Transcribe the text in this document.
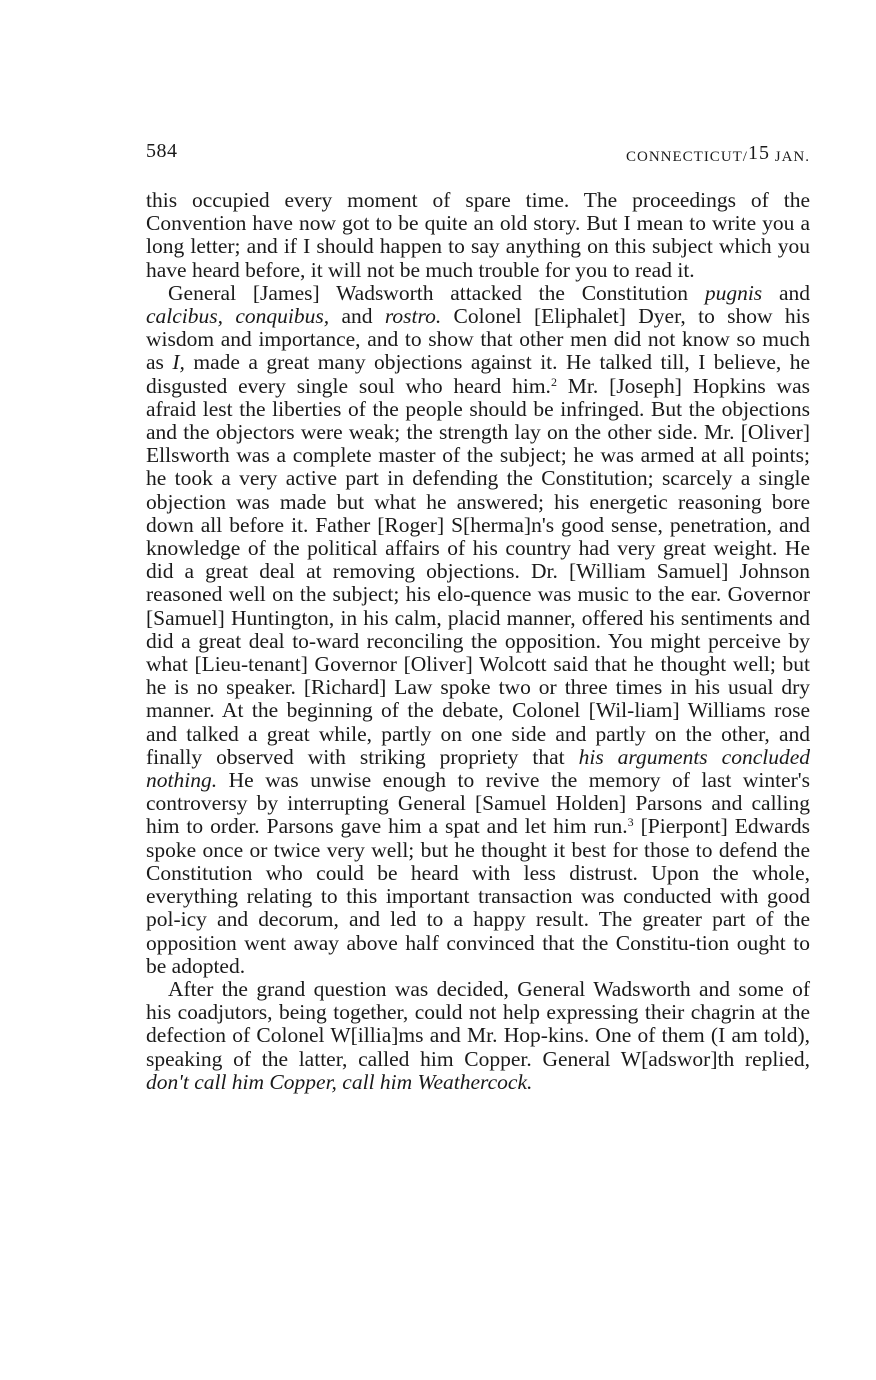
584	CONNECTICUT/15 JAN.

this occupied every moment of spare time. The proceedings of the Convention have now got to be quite an old story. But I mean to write you a long letter; and if I should happen to say anything on this subject which you have heard before, it will not be much trouble for you to read it.

General [James] Wadsworth attacked the Constitution pugnis and calcibus, conquibus, and rostro. Colonel [Eliphalet] Dyer, to show his wisdom and importance, and to show that other men did not know so much as I, made a great many objections against it. He talked till, I believe, he disgusted every single soul who heard him.$^2$ Mr. [Joseph] Hopkins was afraid lest the liberties of the people should be infringed. But the objections and the objectors were weak; the strength lay on the other side. Mr. [Oliver] Ellsworth was a complete master of the subject; he was armed at all points; he took a very active part in defending the Constitution; scarcely a single objection was made but what he answered; his energetic reasoning bore down all before it. Father [Roger] S[herma]n's good sense, penetration, and knowledge of the political affairs of his country had very great weight. He did a great deal at removing objections. Dr. [William Samuel] Johnson reasoned well on the subject; his elo-quence was music to the ear. Governor [Samuel] Huntington, in his calm, placid manner, offered his sentiments and did a great deal to-ward reconciling the opposition. You might perceive by what [Lieu-tenant] Governor [Oliver] Wolcott said that he thought well; but he is no speaker. [Richard] Law spoke two or three times in his usual dry manner. At the beginning of the debate, Colonel [Wil-liam] Williams rose and talked a great while, partly on one side and partly on the other, and finally observed with striking propriety that his arguments concluded nothing. He was unwise enough to revive the memory of last winter's controversy by interrupting General [Samuel Holden] Parsons and calling him to order. Parsons gave him a spat and let him run.$^3$ [Pierpont] Edwards spoke once or twice very well; but he thought it best for those to defend the Constitution who could be heard with less distrust. Upon the whole, everything relating to this important transaction was conducted with good pol-icy and decorum, and led to a happy result. The greater part of the opposition went away above half convinced that the Constitu-tion ought to be adopted.

After the grand question was decided, General Wadsworth and some of his coadjutors, being together, could not help expressing their chagrin at the defection of Colonel W[illia]ms and Mr. Hop-kins. One of them (I am told), speaking of the latter, called him Copper. General W[adswor]th replied, don't call him Copper, call him Weathercock.
